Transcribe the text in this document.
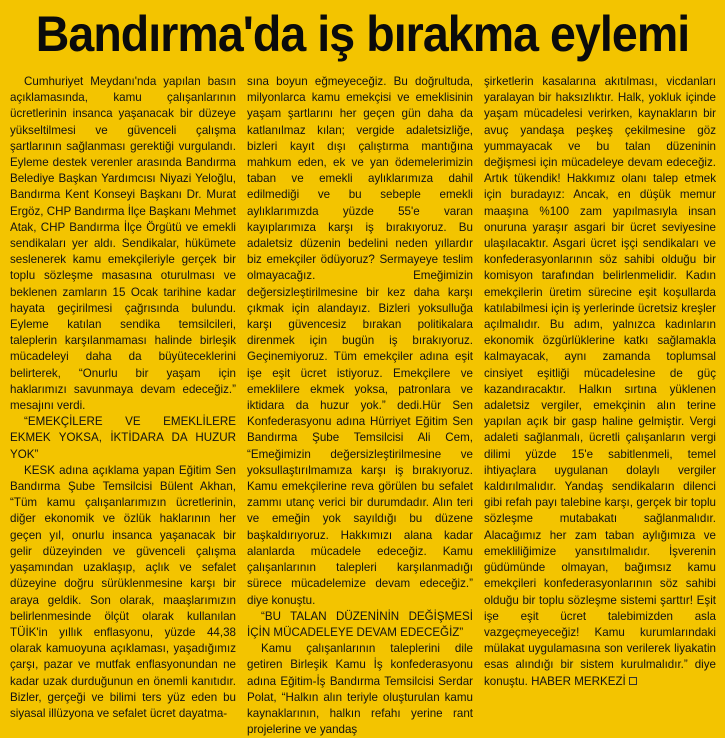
Bandırma'da iş bırakma eylemi

Cumhuriyet Meydanı'nda yapılan basın açıklamasında, kamu çalışanlarının ücretlerinin insanca yaşanacak bir düzeye yükseltilmesi ve güvenceli çalışma şartlarının sağlanması gerektiği vurgulandı. Eyleme destek verenler arasında Bandırma Belediye Başkan Yardımcısı Niyazi Yeloğlu, Bandırma Kent Konseyi Başkanı Dr. Murat Ergöz, CHP Bandırma İlçe Başkanı Mehmet Atak, CHP Bandırma İlçe Örgütü ve emekli sendikaları yer aldı. Sendikalar, hükümete seslenerek kamu emekçileriyle gerçek bir toplu sözleşme masasına oturulması ve beklenen zamların 15 Ocak tarihine kadar hayata geçirilmesi çağrısında bulundu. Eyleme katılan sendika temsilcileri, taleplerin karşılanmaması halinde birleşik mücadeleyi daha da büyüteceklerini belirterek, “Onurlu bir yaşam için haklarımızı savunmaya devam edeceğiz.” mesajını verdi.

“EMEKÇİLERE VE EMEKLİLERE EKMEK YOKSA, İKTİDARA DA HUZUR YOK”

KESK adına açıklama yapan Eğitim Sen Bandırma Şube Temsilcisi Bülent Akhan, “Tüm kamu çalışanlarımızın ücretlerinin, diğer ekonomik ve özlük haklarının her geçen yıl, onurlu insanca yaşanacak bir gelir düzeyinden ve güvenceli çalışma yaşamından uzaklaşıp, açlık ve sefalet düzeyine doğru sürüklenmesine karşı bir araya geldik. Son olarak, maaşlarımızın belirlenmesinde ölçüt olarak kullanılan TÜİK'in yıllık enflasyonu, yüzde 44,38 olarak kamuoyuna açıklaması, yaşadığımız çarşı, pazar ve mutfak enflasyonundan ne kadar uzak durduğunun en önemli kanıtıdır. Bizler, gerçeği ve bilimi ters yüz eden bu siyasal illüzyona ve sefalet ücret dayatma-

sına boyun eğmeyeceğiz. Bu doğrultuda, milyonlarca kamu emekçisi ve emeklisinin yaşam şartlarını her geçen gün daha da katlanılmaz kılan; vergide adaletsizliğe, bizleri kayıt dışı çalıştırma mantığına mahkum eden, ek ve yan ödemelerimizin taban ve emekli aylıklarımıza dahil edilmediği ve bu sebeple emekli aylıklarımızda yüzde 55'e varan kayıplarımıza karşı iş bırakıyoruz. Bu adaletsiz düzenin bedelini neden yıllardır biz emekçiler ödüyoruz? Sermayeye teslim olmayacağız. Emeğimizin değersizleştirilmesine bir kez daha karşı çıkmak için alandayız. Bizleri yoksulluğa karşı güvencesiz bırakan politikalara direnmek için bugün iş bırakıyoruz. Geçinemiyoruz. Tüm emekçiler adına eşit işe eşit ücret istiyoruz. Emekçilere ve emeklilere ekmek yoksa, patronlara ve iktidara da huzur yok.” dedi.Hür Sen Konfederasyonu adına Hürriyet Eğitim Sen Bandırma Şube Temsilcisi Ali Cem, “Emeğimizin değersizleştirilmesine ve yoksullaştırılmamıza karşı iş bırakıyoruz. Kamu emekçilerine reva görülen bu sefalet zammı utanç verici bir durumdadır. Alın teri ve emeğin yok sayıldığı bu düzene başkaldırıyoruz. Hakkımızı alana kadar alanlarda mücadele edeceğiz. Kamu çalışanlarının talepleri karşılanmadığı sürece mücadelemize devam edeceğiz.” diye konuştu.

“BU TALAN DÜZENİNİN DEĞİŞMESİ İÇİN MÜCADELEYE DEVAM EDECEĞİZ”

Kamu çalışanlarının taleplerini dile getiren Birleşik Kamu İş konfederasyonu adına Eğitim-İş Bandırma Temsilcisi Serdar Polat, “Halkın alın teriyle oluşturulan kamu kaynaklarının, halkın refahı yerine rant projelerine ve yandaş

şirketlerin kasalarına akıtılması, vicdanları yaralayan bir haksızlıktır. Halk, yokluk içinde yaşam mücadelesi verirken, kaynakların bir avuç yandaşa peşkeş çekilmesine göz yummayacak ve bu talan düzeninin değişmesi için mücadeleye devam edeceğiz. Artık tükendik! Hakkımız olanı talep etmek için buradayız: Ancak, en düşük memur maaşına %100 zam yapılmasıyla insan onuruna yaraşır asgari bir ücret seviyesine ulaşılacaktır. Asgari ücret işçi sendikaları ve konfederasyonlarının söz sahibi olduğu bir komisyon tarafından belirlenmelidir. Kadın emekçilerin üretim sürecine eşit koşullarda katılabilmesi için iş yerlerinde ücretsiz kreşler açılmalıdır. Bu adım, yalnızca kadınların ekonomik özgürlüklerine katkı sağlamakla kalmayacak, aynı zamanda toplumsal cinsiyet eşitliği mücadelesine de güç kazandıracaktır. Halkın sırtına yüklenen adaletsiz vergiler, emekçinin alın terine yapılan açık bir gasp haline gelmiştir. Vergi adaleti sağlanmalı, ücretli çalışanların vergi dilimi yüzde 15'e sabitlenmeli, temel ihtiyaçlara uygulanan dolaylı vergiler kaldırılmalıdır. Yandaş sendikaların dilenci gibi refah payı talebine karşı, gerçek bir toplu sözleşme mutabakatı sağlanmalıdır. Alacağımız her zam taban aylığımıza ve emekliliğimize yansıtılmalıdır. İşverenin güdümünde olmayan, bağımsız kamu emekçileri konfederasyonlarının söz sahibi olduğu bir toplu sözleşme sistemi şarttır! Eşit işe eşit ücret talebimizden asla vazgeçmeyeceğiz! Kamu kurumlarındaki mülakat uygulamasına son verilerek liyakatin esas alındığı bir sistem kurulmalıdır.” diye konuştu. HABER MERKEZİ
